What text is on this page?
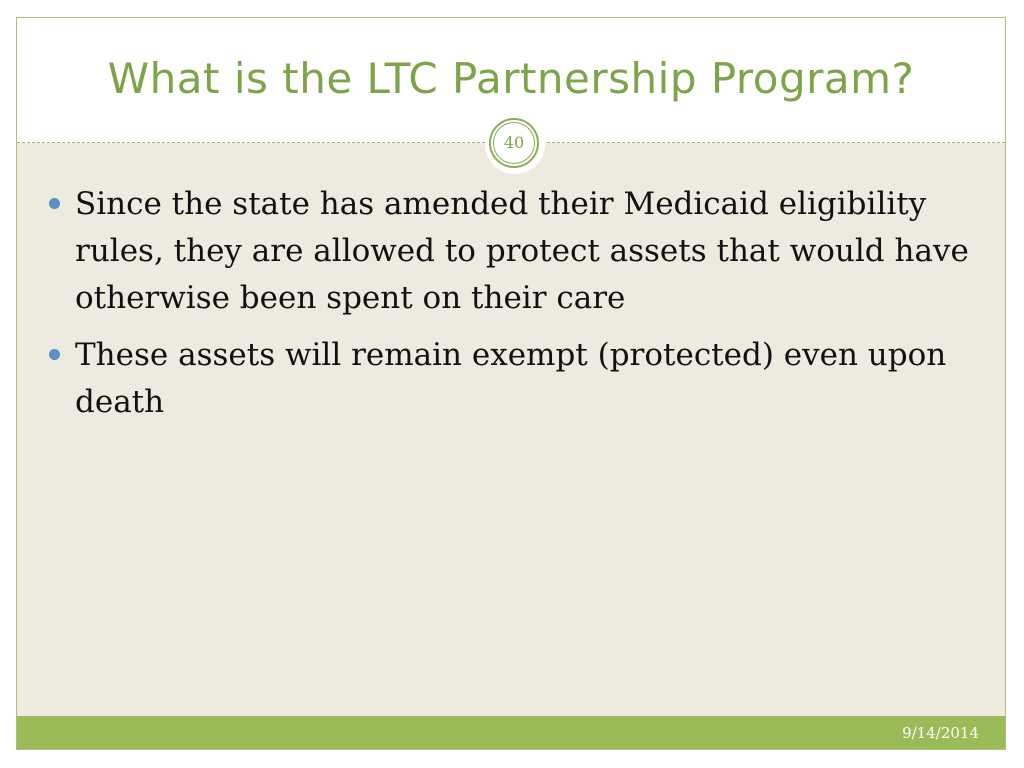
What is the LTC Partnership Program?
40
Since the state has amended their Medicaid eligibility rules, they are allowed to protect assets that would have otherwise been spent on their care
These assets will remain exempt (protected) even upon death
9/14/2014
